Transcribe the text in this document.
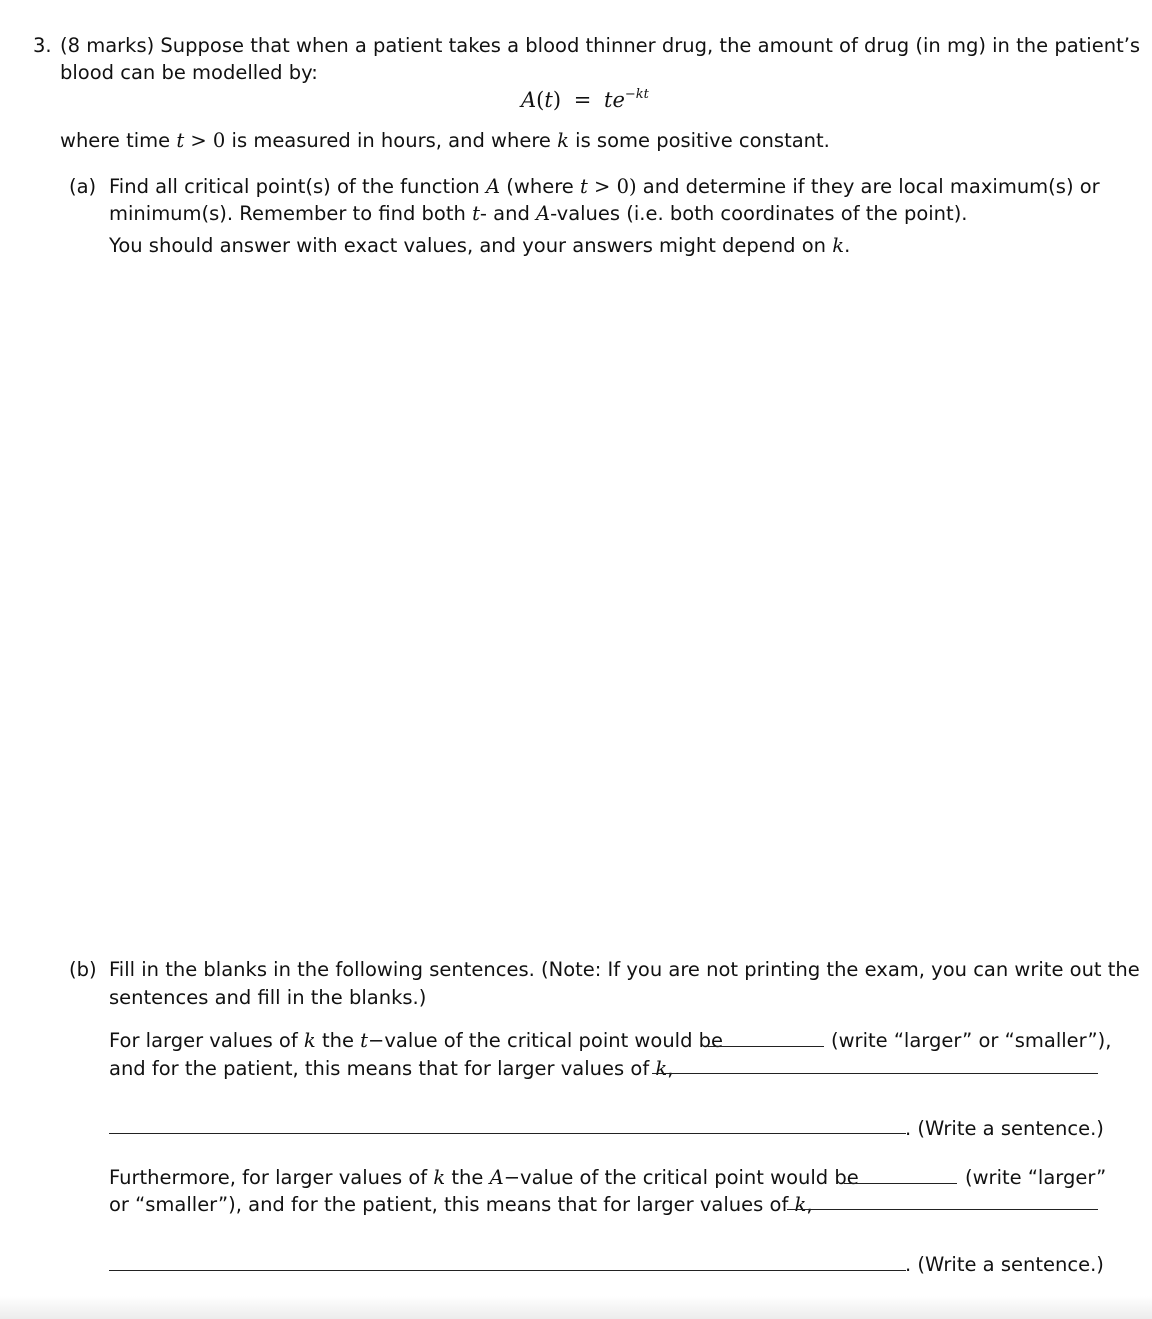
3. (8 marks) Suppose that when a patient takes a blood thinner drug, the amount of drug (in mg) in the patient’s
blood can be modelled by:
$A(t) = te^{-kt}$
where time t > 0 is measured in hours, and where k is some positive constant.
(a) Find all critical point(s) of the function A (where t > 0) and determine if they are local maximum(s) or
minimum(s). Remember to find both t- and A-values (i.e. both coordinates of the point).
You should answer with exact values, and your answers might depend on k.
(b) Fill in the blanks in the following sentences. (Note: If you are not printing the exam, you can write out the
sentences and fill in the blanks.)
For larger values of k the t−value of the critical point would be	(write “larger” or “smaller”),
and for the patient, this means that for larger values of k,
. (Write a sentence.)
Furthermore, for larger values of k the A−value of the critical point would be	(write “larger”
or “smaller”), and for the patient, this means that for larger values of k,
. (Write a sentence.)
